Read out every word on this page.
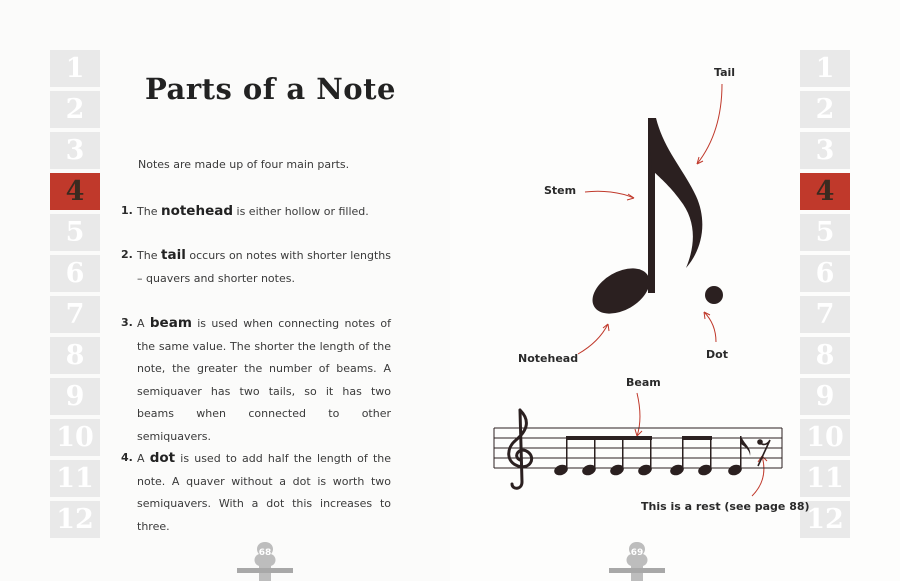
1
2
3
4
5
6
7
8
9
10
11
12
1
2
3
4
5
6
7
8
9
10
11
12
Parts of a Note
Notes are made up of four main parts.
1. The notehead is either hollow or filled.
2. The tail occurs on notes with shorter lengths – quavers and shorter notes.
3. A beam is used when connecting notes of the same value. The shorter the length of the note, the greater the number of beams. A semiquaver has two tails, so it has two beams when connected to other semiquavers.
4. A dot is used to add half the length of the note. A quaver without a dot is worth two semiquavers. With a dot this increases to three.
68	69
Tail
Stem
Notehead	Dot
Beam
This is a rest (see page 88)
